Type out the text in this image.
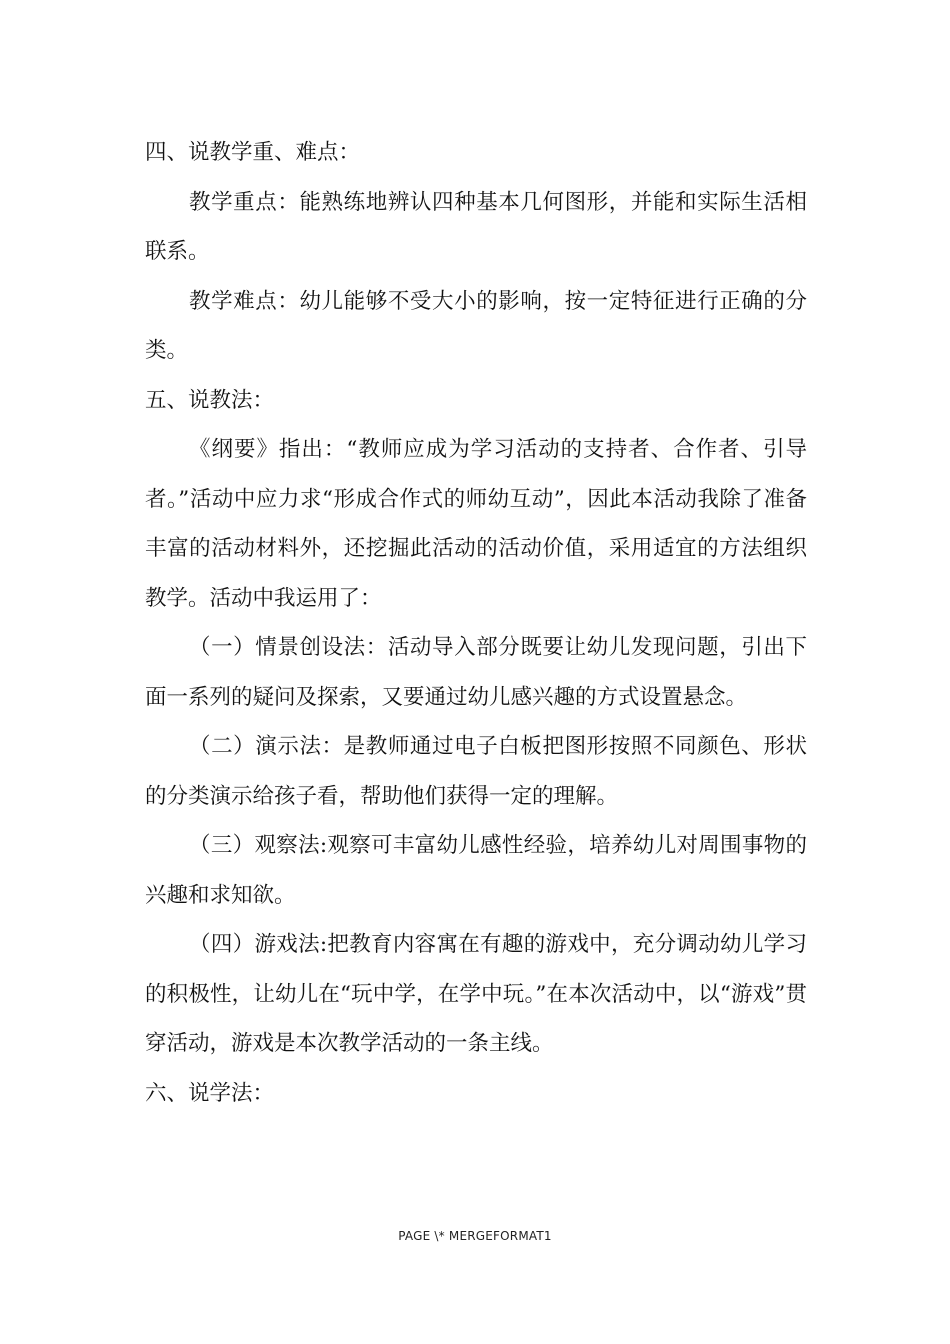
四、说教学重、难点：

教学重点：能熟练地辨认四种基本几何图形，并能和实际生活相联系。

教学难点：幼儿能够不受大小的影响，按一定特征进行正确的分类。

五、说教法：

《纲要》指出：“教师应成为学习活动的支持者、合作者、引导者。”活动中应力求“形成合作式的师幼互动”，因此本活动我除了准备丰富的活动材料外，还挖掘此活动的活动价值，采用适宜的方法组织教学。活动中我运用了：

（一）情景创设法：活动导入部分既要让幼儿发现问题，引出下面一系列的疑问及探索，又要通过幼儿感兴趣的方式设置悬念。

（二）演示法：是教师通过电子白板把图形按照不同颜色、形状的分类演示给孩子看，帮助他们获得一定的理解。

（三）观察法:观察可丰富幼儿感性经验，培养幼儿对周围事物的兴趣和求知欲。

（四）游戏法:把教育内容寓在有趣的游戏中，充分调动幼儿学习的积极性，让幼儿在“玩中学，在学中玩。”在本次活动中，以“游戏”贯穿活动，游戏是本次教学活动的一条主线。

六、说学法：

PAGE \* MERGEFORMAT1
